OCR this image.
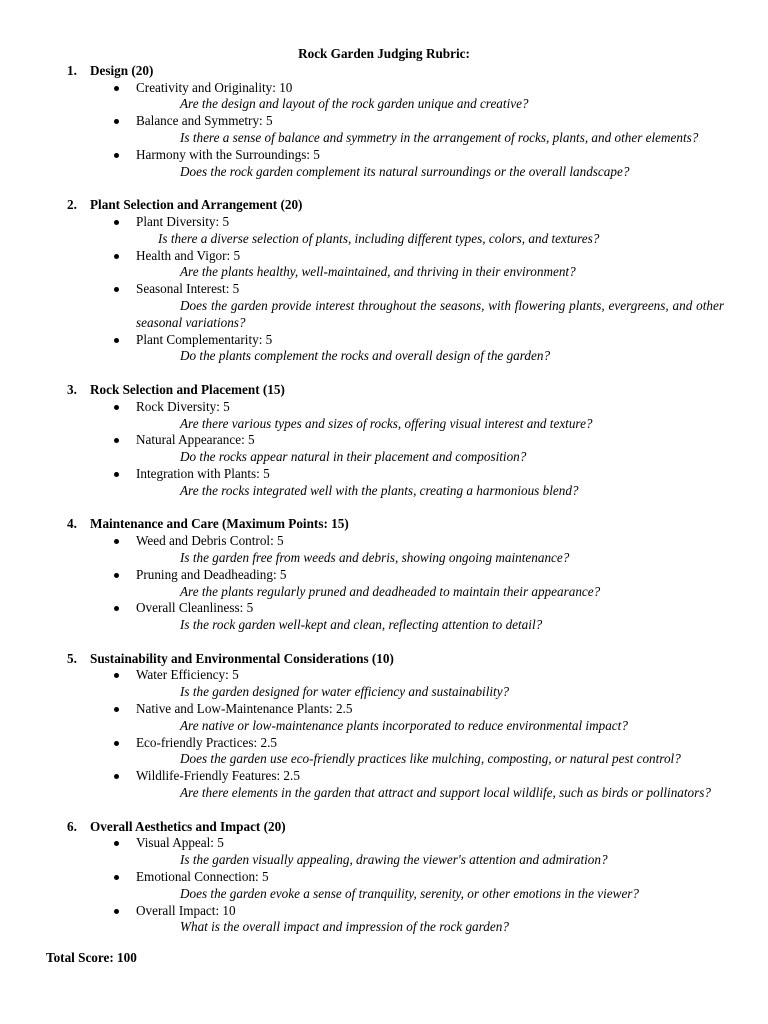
Rock Garden Judging Rubric:
1. Design (20)
Creativity and Originality: 10
Are the design and layout of the rock garden unique and creative?
Balance and Symmetry: 5
Is there a sense of balance and symmetry in the arrangement of rocks, plants, and other elements?
Harmony with the Surroundings: 5
Does the rock garden complement its natural surroundings or the overall landscape?
2. Plant Selection and Arrangement (20)
Plant Diversity: 5
Is there a diverse selection of plants, including different types, colors, and textures?
Health and Vigor: 5
Are the plants healthy, well-maintained, and thriving in their environment?
Seasonal Interest: 5
Does the garden provide interest throughout the seasons, with flowering plants, evergreens, and other seasonal variations?
Plant Complementarity: 5
Do the plants complement the rocks and overall design of the garden?
3. Rock Selection and Placement (15)
Rock Diversity: 5
Are there various types and sizes of rocks, offering visual interest and texture?
Natural Appearance: 5
Do the rocks appear natural in their placement and composition?
Integration with Plants: 5
Are the rocks integrated well with the plants, creating a harmonious blend?
4. Maintenance and Care (Maximum Points: 15)
Weed and Debris Control: 5
Is the garden free from weeds and debris, showing ongoing maintenance?
Pruning and Deadheading: 5
Are the plants regularly pruned and deadheaded to maintain their appearance?
Overall Cleanliness: 5
Is the rock garden well-kept and clean, reflecting attention to detail?
5. Sustainability and Environmental Considerations (10)
Water Efficiency: 5
Is the garden designed for water efficiency and sustainability?
Native and Low-Maintenance Plants: 2.5
Are native or low-maintenance plants incorporated to reduce environmental impact?
Eco-friendly Practices: 2.5
Does the garden use eco-friendly practices like mulching, composting, or natural pest control?
Wildlife-Friendly Features: 2.5
Are there elements in the garden that attract and support local wildlife, such as birds or pollinators?
6. Overall Aesthetics and Impact (20)
Visual Appeal: 5
Is the garden visually appealing, drawing the viewer's attention and admiration?
Emotional Connection: 5
Does the garden evoke a sense of tranquility, serenity, or other emotions in the viewer?
Overall Impact: 10
What is the overall impact and impression of the rock garden?
Total Score: 100
